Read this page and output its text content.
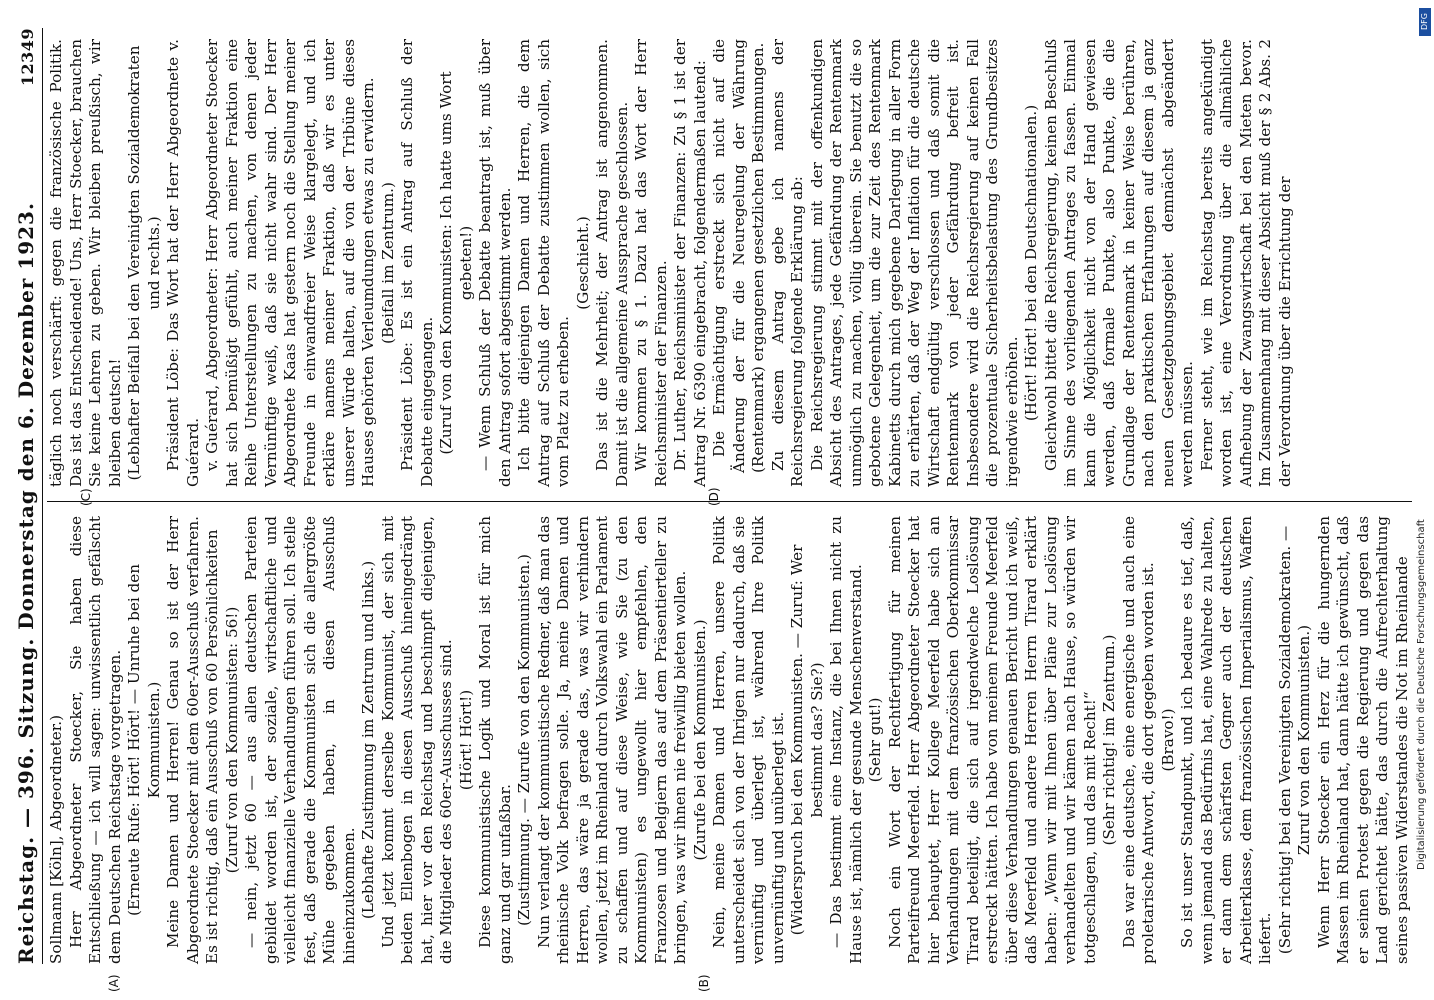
Reichstag. — 396. Sitzung. Donnerstag den 6. Dezember 1923.
12349
(A)	(B)
(C)	(D)

Sollmann [Köln], Abgeordneter.) Herr Abgeordneter Stoecker, Sie haben diese Entschließung — ich will sagen: unwissentlich gefälscht dem Deutschen Reichstage vorgetragen. (Erneute Rufe: Hört! Hört! — Unruhe bei den Kommunisten.) Meine Damen und Herren! Genau so ist der Herr Abgeordnete Stoecker mit dem 60er-Ausschuß verfahren. Es ist richtig, daß ein Ausschuß von 60 Persönlichkeiten (Zuruf von den Kommunisten: 56!) — nein, jetzt 60 — aus allen deutschen Parteien gebildet worden ist, der soziale, wirtschaftliche und vielleicht finanzielle Verhandlungen führen soll. Ich stelle fest, daß gerade die Kommunisten sich die allergrößte Mühe gegeben haben, in diesen Ausschuß hineinzukommen. (Lebhafte Zustimmung im Zentrum und links.) Und jetzt kommt derselbe Kommunist, der sich mit beiden Ellenbogen in diesen Ausschuß hineingedrängt hat, hier vor den Reichstag und beschimpft diejenigen, die Mitglieder des 60er-Ausschusses sind. (Hört! Hört!) Diese kommunistische Logik und Moral ist für mich ganz und gar unfaßbar. (Zustimmung. — Zurufe von den Kommunisten.) Nun verlangt der kommunistische Redner, daß man das rheinische Volk befragen solle. Ja, meine Damen und Herren, das wäre ja gerade das, was wir verhindern wollen, jetzt im Rheinland durch Volkswahl ein Parlament zu schaffen und auf diese Weise, wie Sie (zu den Kommunisten) es ungewollt hier empfehlen, den Franzosen und Belgiern das auf dem Präsentierteller zu bringen, was wir ihnen nie freiwillig bieten wollen. (Zurufe bei den Kommunisten.) Nein, meine Damen und Herren, unsere Politik unterscheidet sich von der Ihrigen nur dadurch, daß sie vernünftig und überlegt ist, während Ihre Politik unvernünftig und unüberlegt ist. (Widerspruch bei den Kommunisten. — Zuruf: Wer bestimmt das? Sie?) — Das bestimmt eine Instanz, die bei Ihnen nicht zu Hause ist, nämlich der gesunde Menschenverstand. (Sehr gut!) Noch ein Wort der Rechtfertigung für meinen Parteifreund Meerfeld. Herr Abgeordneter Stoecker hat hier behauptet, Herr Kollege Meerfeld habe sich an Verhandlungen mit dem französischen Oberkommissar Tirard beteiligt, die sich auf irgendwelche Loslösung erstreckt hätten. Ich habe von meinem Freunde Meerfeld über diese Verhandlungen genauen Bericht und ich weiß, daß Meerfeld und andere Herren Herrn Tirard erklärt haben: „Wenn wir mit Ihnen über Pläne zur Loslösung verhandelten und wir kämen nach Hause, so würden wir totgeschlagen, und das mit Recht!“ (Sehr richtig! im Zentrum.) Das war eine deutsche, eine energische und auch eine proletarische Antwort, die dort gegeben worden ist. (Bravo!) So ist unser Standpunkt, und ich bedaure es tief, daß, wenn jemand das Bedürfnis hat, eine Wahlrede zu halten, er dann dem schärfsten Gegner auch der deutschen Arbeiterklasse, dem französischen Imperialismus, Waffen liefert. (Sehr richtig! bei den Vereinigten Sozialdemokraten. — Zuruf von den Kommunisten.) Wenn Herr Stoecker ein Herz für die hungernden Massen im Rheinland hat, dann hätte ich gewünscht, daß er seinen Protest gegen die Regierung und gegen das Land gerichtet hätte, das durch die Aufrechterhaltung seines passiven Widerstandes die Not im Rheinlande

täglich noch verschärft: gegen die französische Politik. Das ist das Entscheidende! Uns, Herr Stoecker, brauchen Sie keine Lehren zu geben. Wir bleiben preußisch, wir bleiben deutsch! (Lebhafter Beifall bei den Vereinigten Sozialdemokraten und rechts.) Präsident Löbe: Das Wort hat der Herr Abgeordnete v. Guérard. v. Guérard, Abgeordneter: Herr Abgeordneter Stoecker hat sich bemüßigt gefühlt, auch meiner Fraktion eine Reihe Unterstellungen zu machen, von denen jeder Vernünftige weiß, daß sie nicht wahr sind. Der Herr Abgeordnete Kaas hat gestern noch die Stellung meiner Freunde in einwandfreier Weise klargelegt, und ich erkläre namens meiner Fraktion, daß wir es unter unserer Würde halten, auf die von der Tribüne dieses Hauses gehörten Verleumdungen etwas zu erwidern. (Beifall im Zentrum.) Präsident Löbe: Es ist ein Antrag auf Schluß der Debatte eingegangen. (Zuruf von den Kommunisten: Ich hatte ums Wort gebeten!) — Wenn Schluß der Debatte beantragt ist, muß über den Antrag sofort abgestimmt werden. Ich bitte diejenigen Damen und Herren, die dem Antrag auf Schluß der Debatte zustimmen wollen, sich vom Platz zu erheben.

(Geschieht.) Das ist die Mehrheit; der Antrag ist angenommen. Damit ist die allgemeine Aussprache geschlossen. Wir kommen zu § 1. Dazu hat das Wort der Herr Reichsminister der Finanzen. Dr. Luther, Reichsminister der Finanzen: Zu § 1 ist der Antrag Nr. 6390 eingebracht, folgendermaßen lautend: Die Ermächtigung erstreckt sich nicht auf die Änderung der für die Neuregelung der Währung (Rentenmark) ergangenen gesetzlichen Bestimmungen. Zu diesem Antrag gebe ich namens der Reichsregierung folgende Erklärung ab: Die Reichsregierung stimmt mit der offenkundigen Absicht des Antrages, jede Gefährdung der Rentenmark unmöglich zu machen, völlig überein. Sie benutzt die so gebotene Gelegenheit, um die zur Zeit des Rentenmark Kabinetts durch mich gegebene Darlegung in aller Form zu erhärten, daß der Weg der Inflation für die deutsche Wirtschaft endgültig verschlossen und daß somit die Rentenmark von jeder Gefährdung befreit ist. Insbesondere wird die Reichsregierung auf keinen Fall die prozentuale Sicherheitsbelastung des Grundbesitzes irgendwie erhöhen. (Hört! Hört! bei den Deutschnationalen.) Gleichwohl bittet die Reichsregierung, keinen Beschluß im Sinne des vorliegenden Antrages zu fassen. Einmal kann die Möglichkeit nicht von der Hand gewiesen werden, daß formale Punkte, also Punkte, die die Grundlage der Rentenmark in keiner Weise berühren, nach den praktischen Erfahrungen auf diesem ja ganz neuen Gesetzgebungsgebiet demnächst abgeändert werden müssen. Ferner steht, wie im Reichstag bereits angekündigt worden ist, eine Verordnung über die allmähliche Aufhebung der Zwangswirtschaft bei den Mieten bevor. Im Zusammenhang mit dieser Absicht muß der § 2 Abs. 2 der Verordnung über die Errichtung der

Digitalisierung gefördert durch die Deutsche Forschungsgemeinschaft
DFG
